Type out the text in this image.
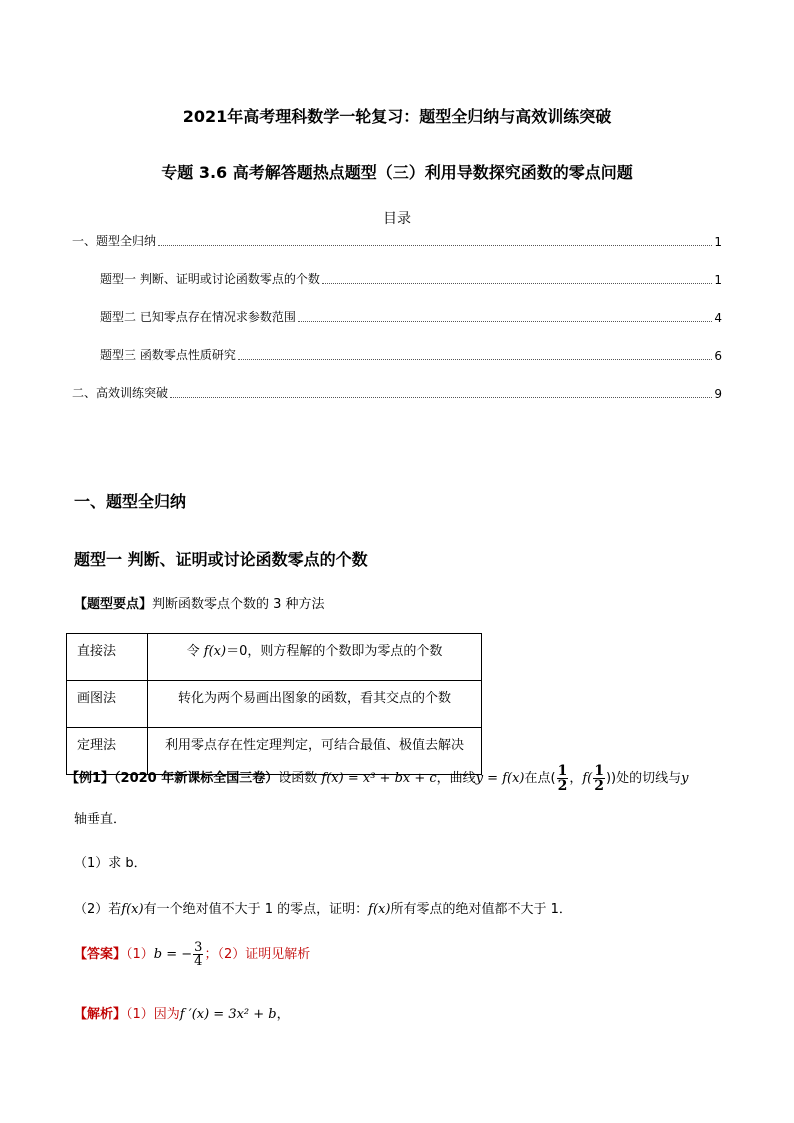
2021年高考理科数学一轮复习：题型全归纳与高效训练突破
专题 3.6 高考解答题热点题型（三）利用导数探究函数的零点问题
目录
一、题型全归纳	1
题型一 判断、证明或讨论函数零点的个数	1
题型二 已知零点存在情况求参数范围	4
题型三 函数零点性质研究	6
二、高效训练突破	9
一、题型全归纳
题型一 判断、证明或讨论函数零点的个数
【题型要点】判断函数零点个数的 3 种方法
直接法	令 f(x)＝0，则方程解的个数即为零点的个数
画图法	转化为两个易画出图象的函数，看其交点的个数
定理法	利用零点存在性定理判定，可结合最值、极值去解决
【例1】（2020 年新课标全国三卷）设函数 f(x) = x³ + bx + c，曲线y = f(x)在点( $\frac{1}{2}$ ，$f( \frac{1}{2}$ ))处的切线与y
轴垂直．
（1）求 b．
（2）若f(x)有一个绝对值不大于 1 的零点，证明：f(x)所有零点的绝对值都不大于 1．
【答案】（1）b = − $\frac{3}{4}$ ；（2）证明见解析
【解析】（1）因为f ′(x) = 3x² + b，
